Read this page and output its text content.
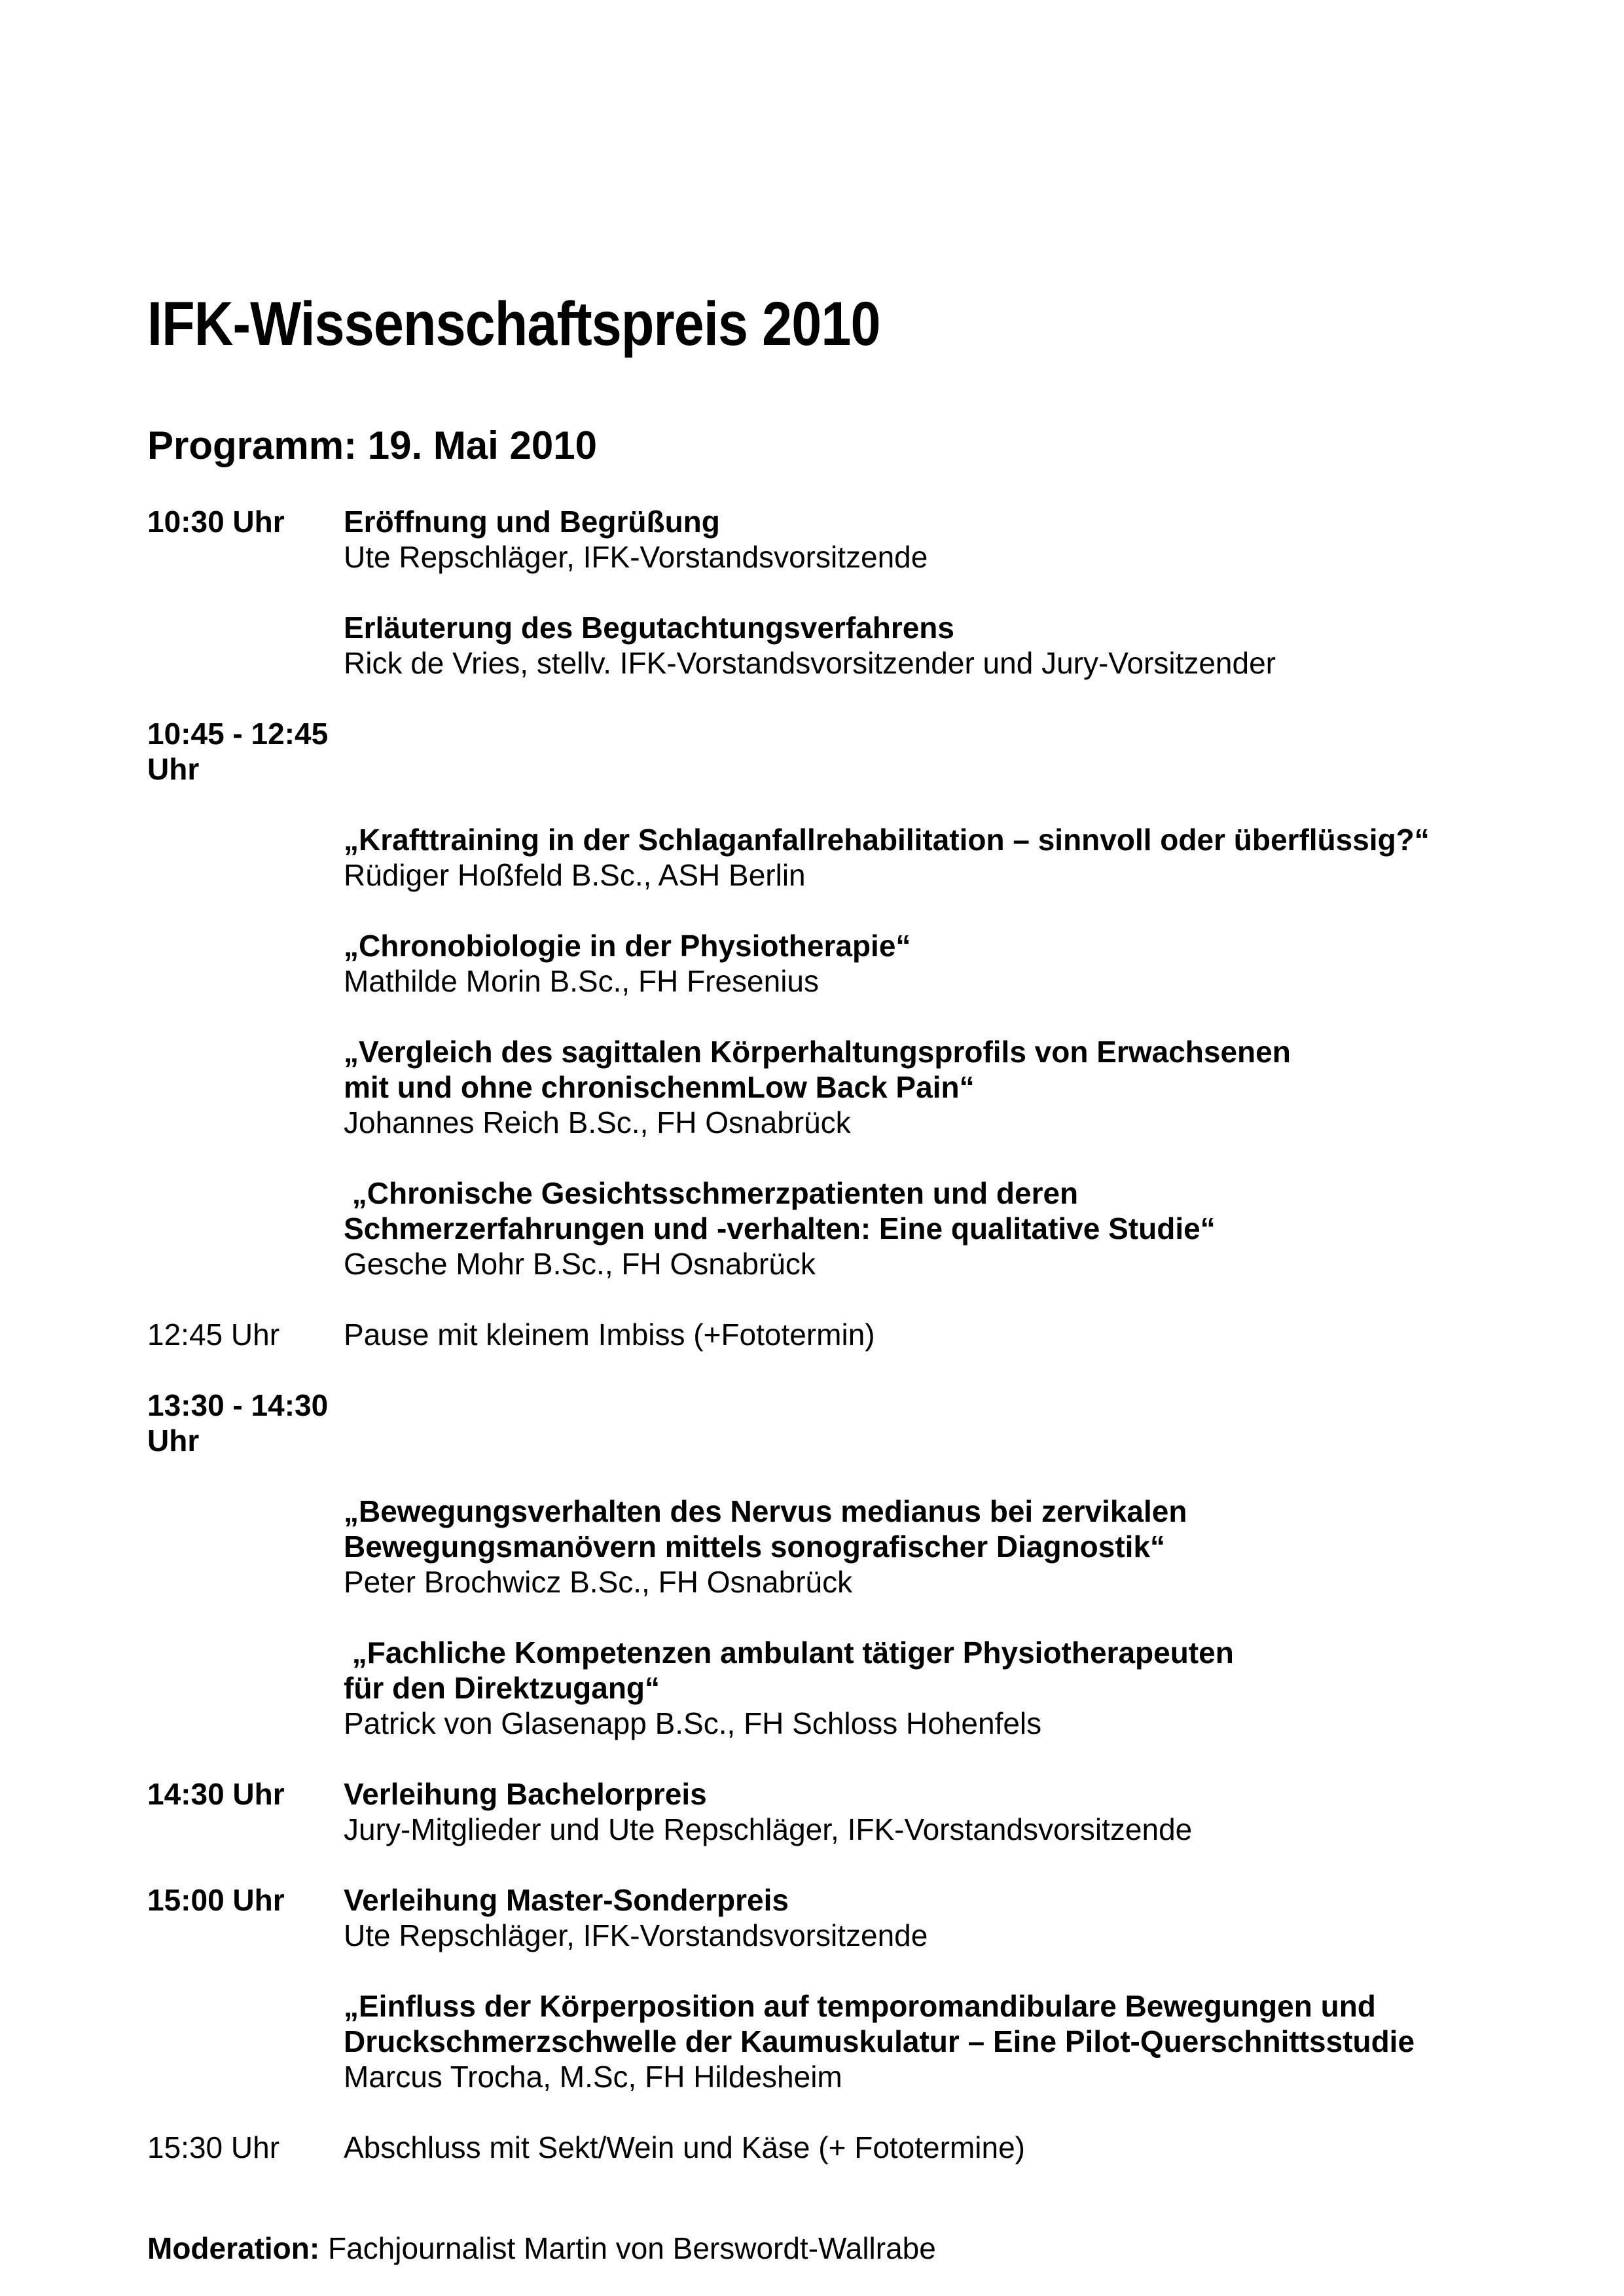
IFK-Wissenschaftspreis 2010
Programm: 19. Mai 2010
10:30 Uhr	Eröffnung und Begrüßung
Ute Repschläger, IFK-Vorstandsvorsitzende
Erläuterung des Begutachtungsverfahrens
Rick de Vries, stellv. IFK-Vorstandsvorsitzender und Jury-Vorsitzender
10:45 - 12:45 Uhr
„Krafttraining in der Schlaganfallrehabilitation – sinnvoll oder überflüssig?“
Rüdiger Hoßfeld B.Sc., ASH Berlin
„Chronobiologie in der Physiotherapie“
Mathilde Morin B.Sc., FH Fresenius
„Vergleich des sagittalen Körperhaltungsprofils von Erwachsenen
mit und ohne chronischenmLow Back Pain“
Johannes Reich B.Sc., FH Osnabrück
„Chronische Gesichtsschmerzpatienten und deren
Schmerzerfahrungen und -verhalten: Eine qualitative Studie“
Gesche Mohr B.Sc., FH Osnabrück
12:45 Uhr	Pause mit kleinem Imbiss (+Fototermin)
13:30 - 14:30 Uhr
„Bewegungsverhalten des Nervus medianus bei zervikalen
Bewegungsmanövern mittels sonografischer Diagnostik“
Peter Brochwicz B.Sc., FH Osnabrück
„Fachliche Kompetenzen ambulant tätiger Physiotherapeuten
für den Direktzugang“
Patrick von Glasenapp B.Sc., FH Schloss Hohenfels
14:30 Uhr	Verleihung Bachelorpreis
Jury-Mitglieder und Ute Repschläger, IFK-Vorstandsvorsitzende
15:00 Uhr	Verleihung Master-Sonderpreis
Ute Repschläger, IFK-Vorstandsvorsitzende
„Einfluss der Körperposition auf temporomandibulare Bewegungen und
Druckschmerzschwelle der Kaumuskulatur – Eine Pilot-Querschnittsstudie
Marcus Trocha, M.Sc, FH Hildesheim
15:30 Uhr	Abschluss mit Sekt/Wein und Käse (+ Fototermine)

Moderation: Fachjournalist Martin von Berswordt-Wallrabe
